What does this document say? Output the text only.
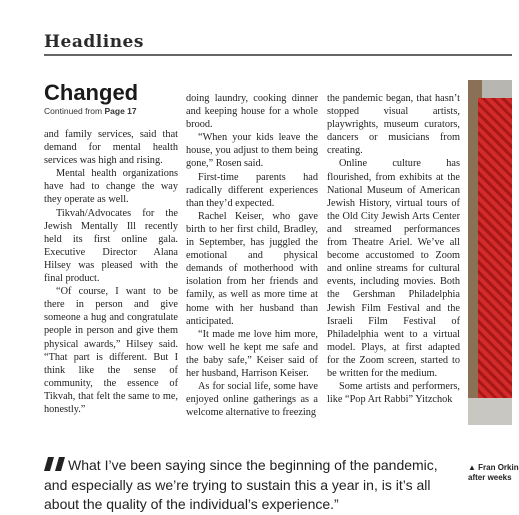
Headlines
Changed
Continued from Page 17

and family services, said that demand for mental health services was high and rising.

Mental health organizations have had to change the way they operate as well.

Tikvah/Advocates for the Jewish Mentally Ill recently held its first online gala. Executive Director Alana Hilsey was pleased with the final product.

“Of course, I want to be there in person and give someone a hug and congratulate people in person and give them physical awards,” Hilsey said. “That part is different. But I think like the sense of community, the essence of Tikvah, that felt the same to me, honestly.”

doing laundry, cooking dinner and keeping house for a whole brood.

“When your kids leave the house, you adjust to them being gone,” Rosen said.

First-time parents had radically different experiences than they’d expected.

Rachel Keiser, who gave birth to her first child, Bradley, in September, has juggled the emotional and physical demands of motherhood with isolation from her friends and family, as well as more time at home with her husband than anticipated.

“It made me love him more, how well he kept me safe and the baby safe,” Keiser said of her husband, Harrison Keiser.

As for social life, some have enjoyed online gatherings as a welcome alternative to freezing

the pandemic began, that hasn’t stopped visual artists, playwrights, museum curators, dancers or musicians from creating.

Online culture has flourished, from exhibits at the National Museum of American Jewish History, virtual tours of the Old City Jewish Arts Center and streamed performances from Theatre Ariel. We’ve all become accustomed to Zoom and online streams for cultural events, including movies. Both the Gershman Philadelphia Jewish Film Festival and the Israeli Film Festival of Philadelphia went to a virtual model. Plays, at first adapted for the Zoom screen, started to be written for the medium.

Some artists and performers, like “Pop Art Rabbi” Yitzchok

What I’ve been saying since the beginning of the pandemic, and especially as we’re trying to sustain this a year in, is it’s all about the quality of the individual’s experience.”
▲ Fran Orkin
after weeks
